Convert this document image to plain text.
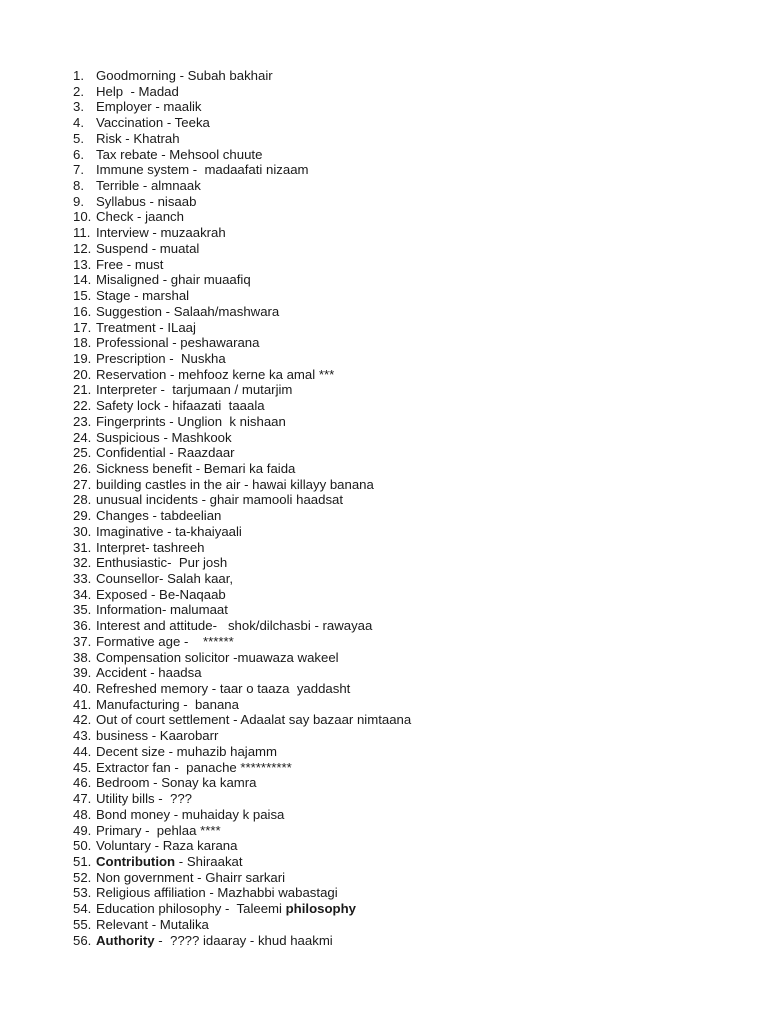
1. Goodmorning - Subah bakhair
2. Help  - Madad
3. Employer - maalik
4. Vaccination - Teeka
5. Risk - Khatrah
6. Tax rebate - Mehsool chuute
7. Immune system -  madaafati nizaam
8. Terrible - almnaak
9. Syllabus - nisaab
10. Check - jaanch
11. Interview - muzaakrah
12. Suspend - muatal
13. Free - must
14. Misaligned - ghair muaafiq
15. Stage - marshal
16. Suggestion - Salaah/mashwara
17. Treatment - ILaaj
18. Professional - peshawarana
19. Prescription -  Nuskha
20. Reservation - mehfooz kerne ka amal ***
21. Interpreter -  tarjumaan / mutarjim
22. Safety lock - hifaazati  taaala
23. Fingerprints - Unglion  k nishaan
24. Suspicious - Mashkook
25. Confidential - Raazdaar
26. Sickness benefit - Bemari ka faida
27. building castles in the air - hawai killayy banana
28. unusual incidents - ghair mamooli haadsat
29. Changes - tabdeelian
30. Imaginative - ta-khaiyaali
31. Interpret- tashreeh
32. Enthusiastic-  Pur josh
33. Counsellor- Salah kaar,
34. Exposed - Be-Naqaab
35. Information- malumaat
36. Interest and attitude-   shok/dilchasbi - rawayaa
37. Formative age -    ******
38. Compensation solicitor -muawaza wakeel
39. Accident - haadsa
40. Refreshed memory - taar o taaza  yaddasht
41. Manufacturing -  banana
42. Out of court settlement - Adaalat say bazaar nimtaana
43. business - Kaarobarr
44. Decent size - muhazib hajamm
45. Extractor fan -  panache **********
46. Bedroom - Sonay ka kamra
47. Utility bills -  ???
48. Bond money - muhaiday k paisa
49. Primary -  pehlaa ****
50. Voluntary - Raza karana
51. Contribution - Shiraakat
52. Non government - Ghairr sarkari
53. Religious affiliation - Mazhabbi wabastagi
54. Education philosophy -  Taleemi philosophy
55. Relevant - Mutalika
56. Authority -  ???? idaaray - khud haakmi
